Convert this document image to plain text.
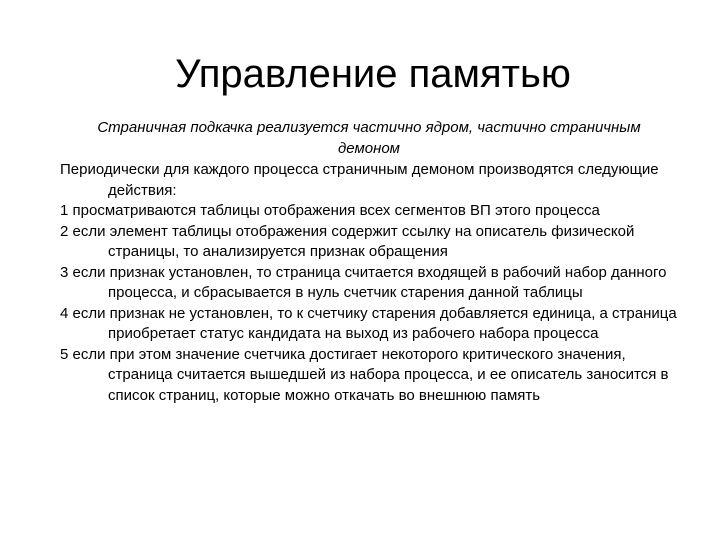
Управление памятью

Страничная подкачка реализуется частично ядром, частично страничным демоном

Периодически для каждого процесса страничным демоном производятся следующие действия:

1 просматриваются таблицы отображения всех сегментов ВП этого процесса

2 если элемент таблицы отображения содержит ссылку на описатель физической страницы, то анализируется признак обращения

3 если признак установлен, то страница считается входящей в рабочий набор данного процесса, и сбрасывается в нуль счетчик старения данной таблицы

4 если признак не установлен, то к счетчику старения добавляется единица, а страница приобретает статус кандидата на выход из рабочего набора процесса

5 если при этом значение счетчика достигает некоторого критического значения, страница считается вышедшей из набора процесса, и ее описатель заносится в список страниц, которые можно откачать во внешнюю память
